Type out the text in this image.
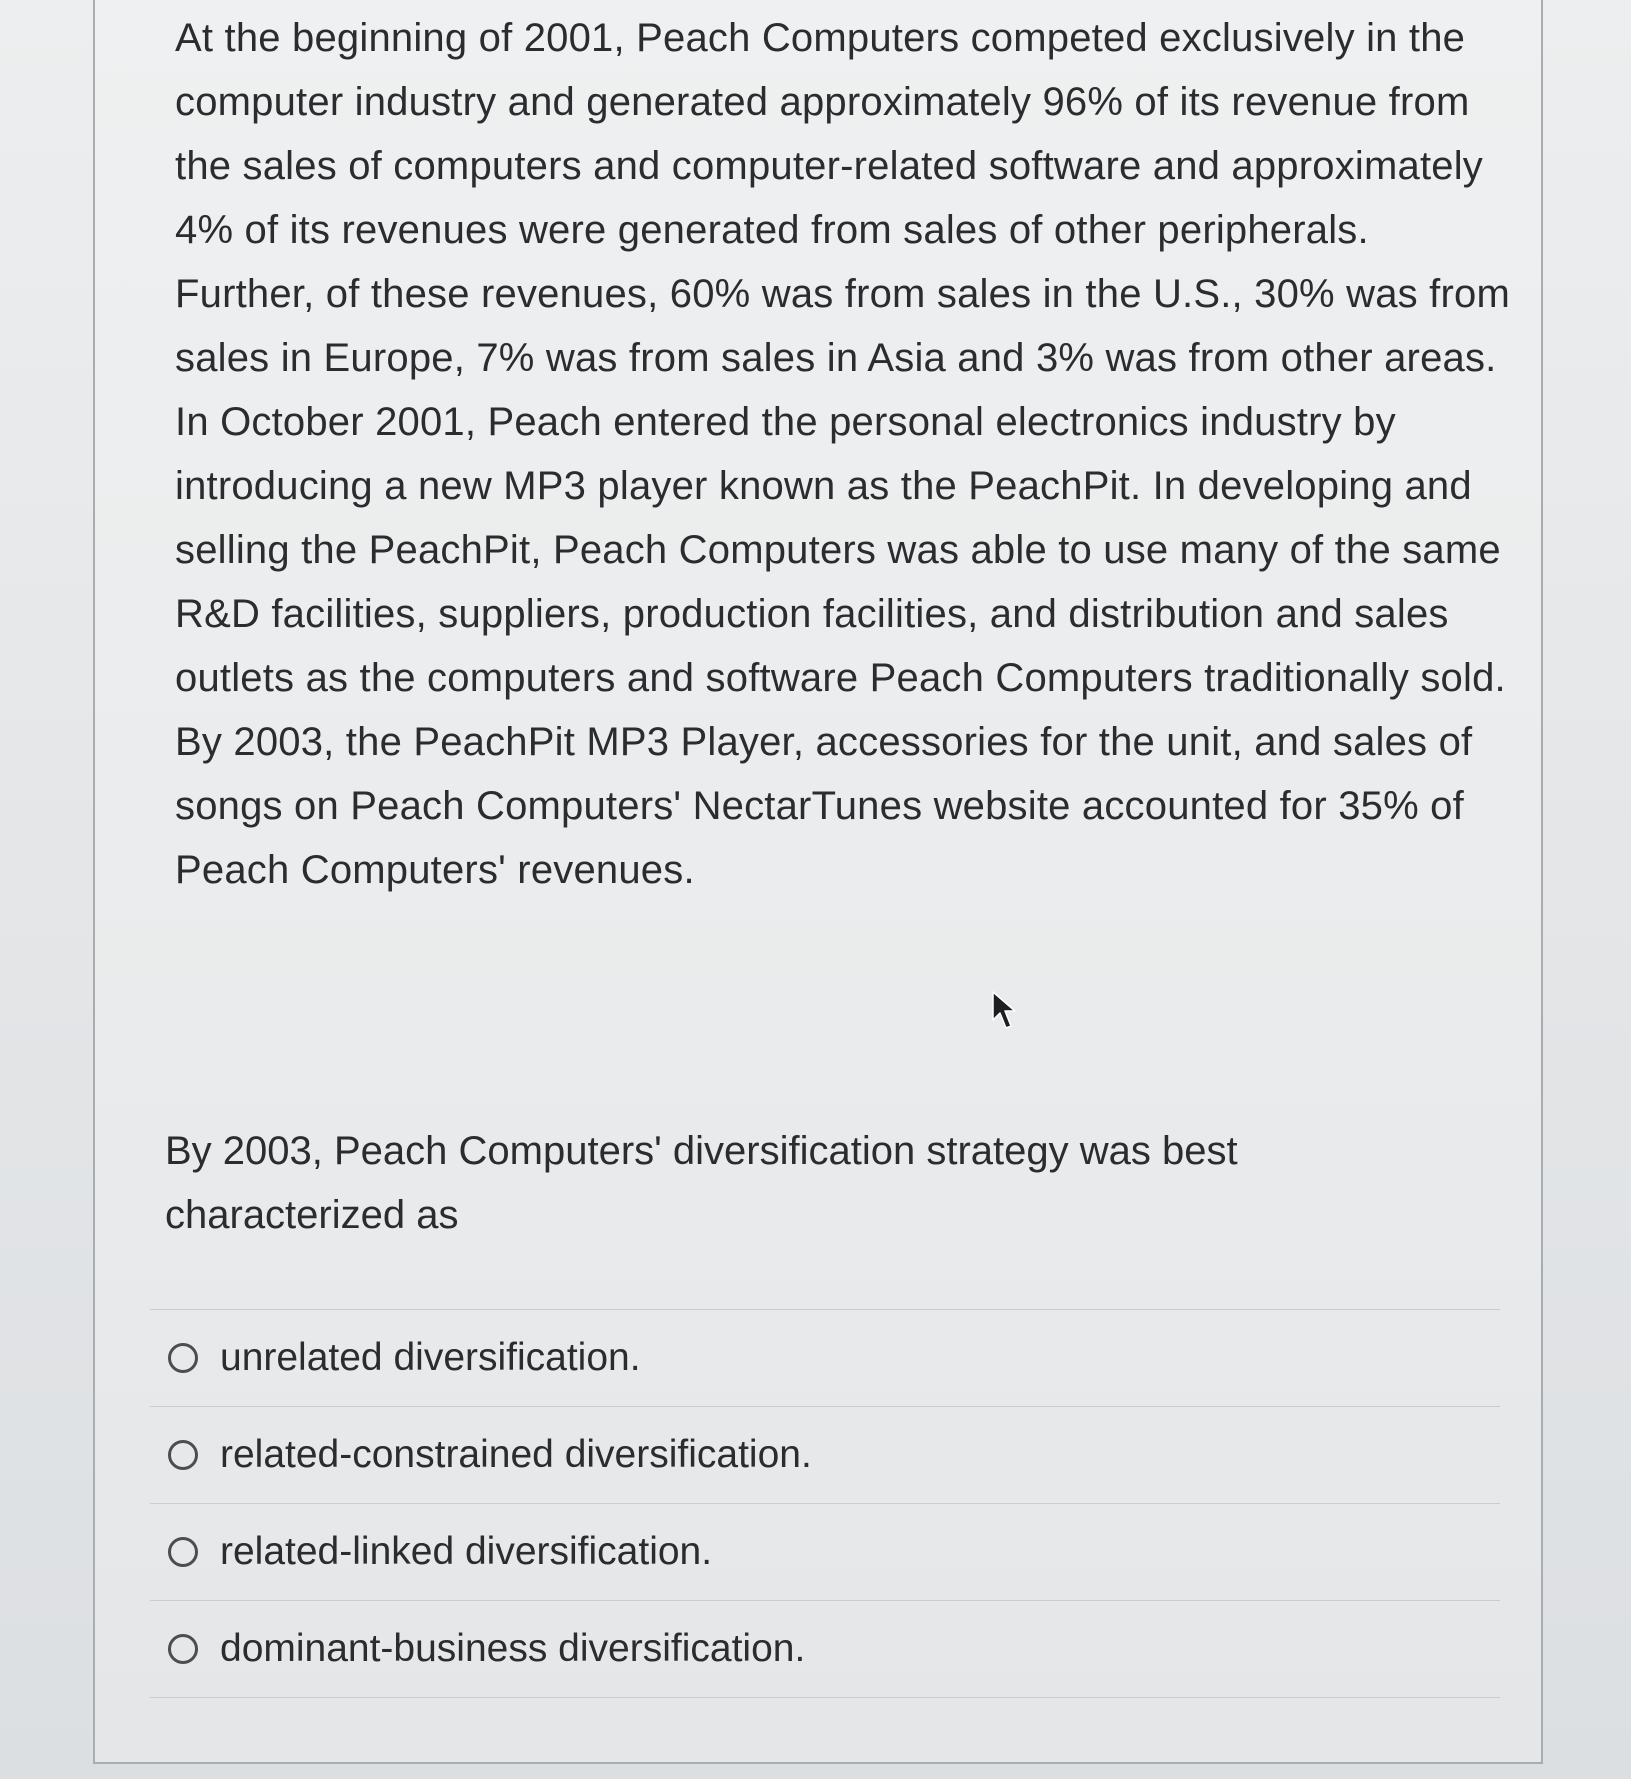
At the beginning of 2001, Peach Computers competed exclusively in the computer industry and generated approximately 96% of its revenue from the sales of computers and computer-related software and approximately 4% of its revenues were generated from sales of other peripherals. Further, of these revenues, 60% was from sales in the U.S., 30% was from sales in Europe, 7% was from sales in Asia and 3% was from other areas. In October 2001, Peach entered the personal electronics industry by introducing a new MP3 player known as the PeachPit. In developing and selling the PeachPit, Peach Computers was able to use many of the same R&D facilities, suppliers, production facilities, and distribution and sales outlets as the computers and software Peach Computers traditionally sold. By 2003, the PeachPit MP3 Player, accessories for the unit, and sales of songs on Peach Computers' NectarTunes website accounted for 35% of Peach Computers' revenues.

By 2003, Peach Computers' diversification strategy was best characterized as

unrelated diversification.
related-constrained diversification.
related-linked diversification.
dominant-business diversification.
